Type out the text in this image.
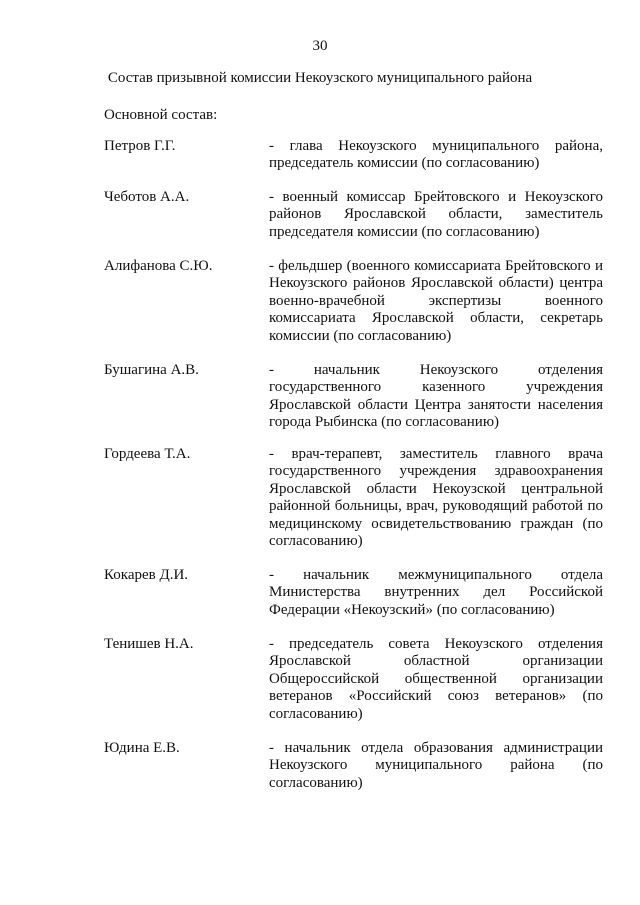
30
Состав призывной комиссии Некоузского муниципального района
Основной состав:
Петров Г.Г.	- глава Некоузского муниципального района, председатель комиссии (по согласованию)
Чеботов А.А.	- военный комиссар Брейтовского и Некоузского районов Ярославской области, заместитель председателя комиссии (по согласованию)
Алифанова С.Ю.	- фельдшер (военного комиссариата Брейтовского и Некоузского районов Ярославской области) центра военно-врачебной экспертизы военного комиссариата Ярославской области, секретарь комиссии (по согласованию)
Бушагина А.В.	- начальник Некоузского отделения государственного казенного учреждения Ярославской области Центра занятости населения города Рыбинска (по согласованию)
Гордеева Т.А.	- врач-терапевт, заместитель главного врача государственного учреждения здравоохранения Ярославской области Некоузской центральной районной больницы, врач, руководящий работой по медицинскому освидетельствованию граждан (по согласованию)
Кокарев Д.И.	- начальник межмуниципального отдела Министерства внутренних дел Российской Федерации «Некоузский» (по согласованию)
Тенишев Н.А.	- председатель совета Некоузского отделения Ярославской областной организации Общероссийской общественной организации ветеранов «Российский союз ветеранов» (по согласованию)
Юдина Е.В.	- начальник отдела образования администрации Некоузского муниципального района (по согласованию)
